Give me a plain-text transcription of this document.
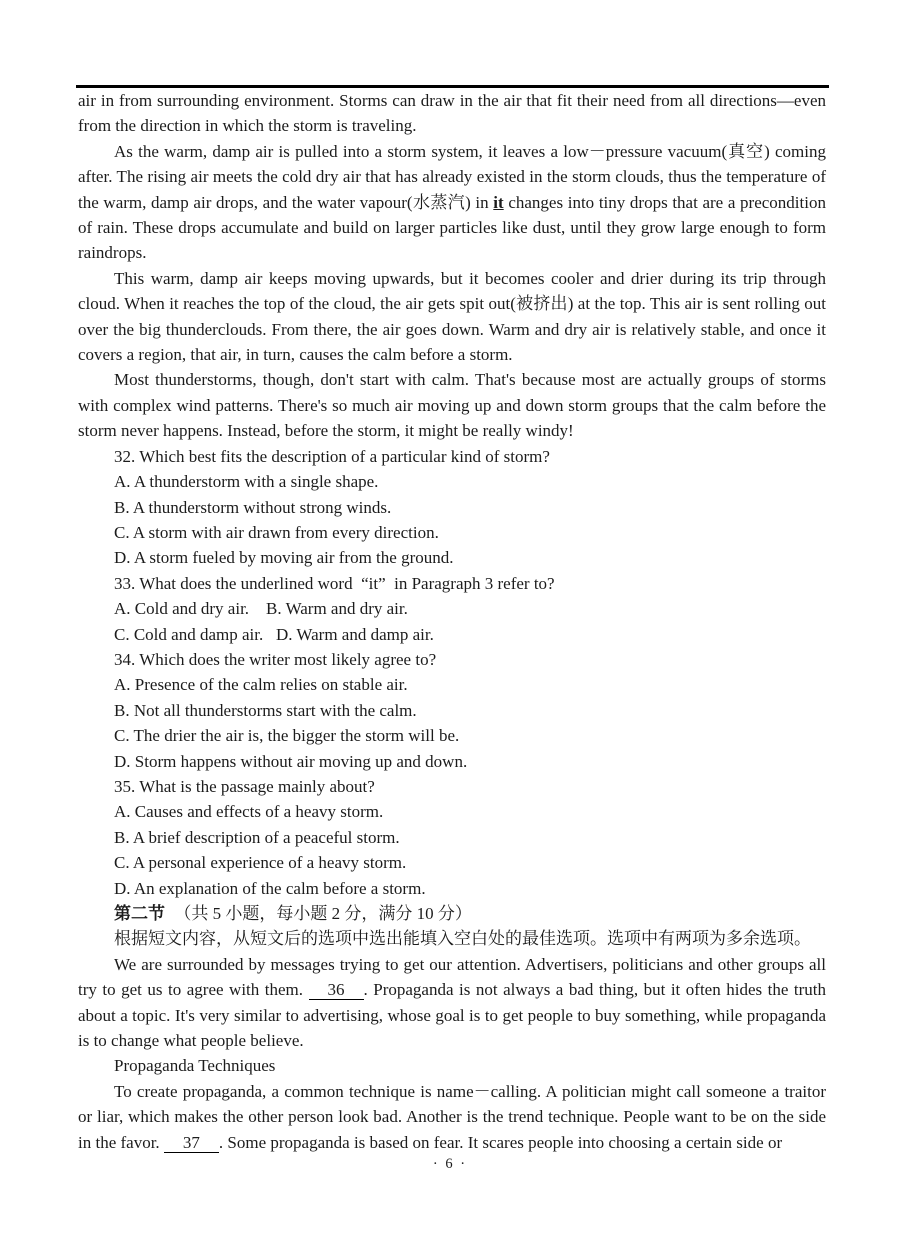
air in from surrounding environment. Storms can draw in the air that fit their need from all directions—even from the direction in which the storm is traveling.

As the warm, damp air is pulled into a storm system, it leaves a low－pressure vacuum(真空) coming after. The rising air meets the cold dry air that has already existed in the storm clouds, thus the temperature of the warm, damp air drops, and the water vapour(水蒸汽) in it changes into tiny drops that are a precondition of rain. These drops accumulate and build on larger particles like dust, until they grow large enough to form raindrops.

This warm, damp air keeps moving upwards, but it becomes cooler and drier during its trip through cloud. When it reaches the top of the cloud, the air gets spit out(被挤出) at the top. This air is sent rolling out over the big thunderclouds. From there, the air goes down. Warm and dry air is relatively stable, and once it covers a region, that air, in turn, causes the calm before a storm.

Most thunderstorms, though, don't start with calm. That's because most are actually groups of storms with complex wind patterns. There's so much air moving up and down storm groups that the calm before the storm never happens. Instead, before the storm, it might be really windy!

32. Which best fits the description of a particular kind of storm?
A. A thunderstorm with a single shape.
B. A thunderstorm without strong winds.
C. A storm with air drawn from every direction.
D. A storm fueled by moving air from the ground.
33. What does the underlined word  “it”  in Paragraph 3 refer to?
A. Cold and dry air.    B. Warm and dry air.
C. Cold and damp air.   D. Warm and damp air.
34. Which does the writer most likely agree to?
A. Presence of the calm relies on stable air.
B. Not all thunderstorms start with the calm.
C. The drier the air is, the bigger the storm will be.
D. Storm happens without air moving up and down.
35. What is the passage mainly about?
A. Causes and effects of a heavy storm.
B. A brief description of a peaceful storm.
C. A personal experience of a heavy storm.
D. An explanation of the calm before a storm.
第二节 （共 5 小题，每小题 2 分，满分 10 分）
根据短文内容，从短文后的选项中选出能填入空白处的最佳选项。选项中有两项为多余选项。

We are surrounded by messages trying to get our attention. Advertisers, politicians and other groups all try to get us to agree with them. 36 . Propaganda is not always a bad thing, but it often hides the truth about a topic. It's very similar to advertising, whose goal is to get people to buy something, while propaganda is to change what people believe.

Propaganda Techniques

To create propaganda, a common technique is name－calling. A politician might call someone a traitor or liar, which makes the other person look bad. Another is the trend technique. People want to be on the side in the favor. 37 . Some propaganda is based on fear. It scares people into choosing a certain side or

· 6 ·
